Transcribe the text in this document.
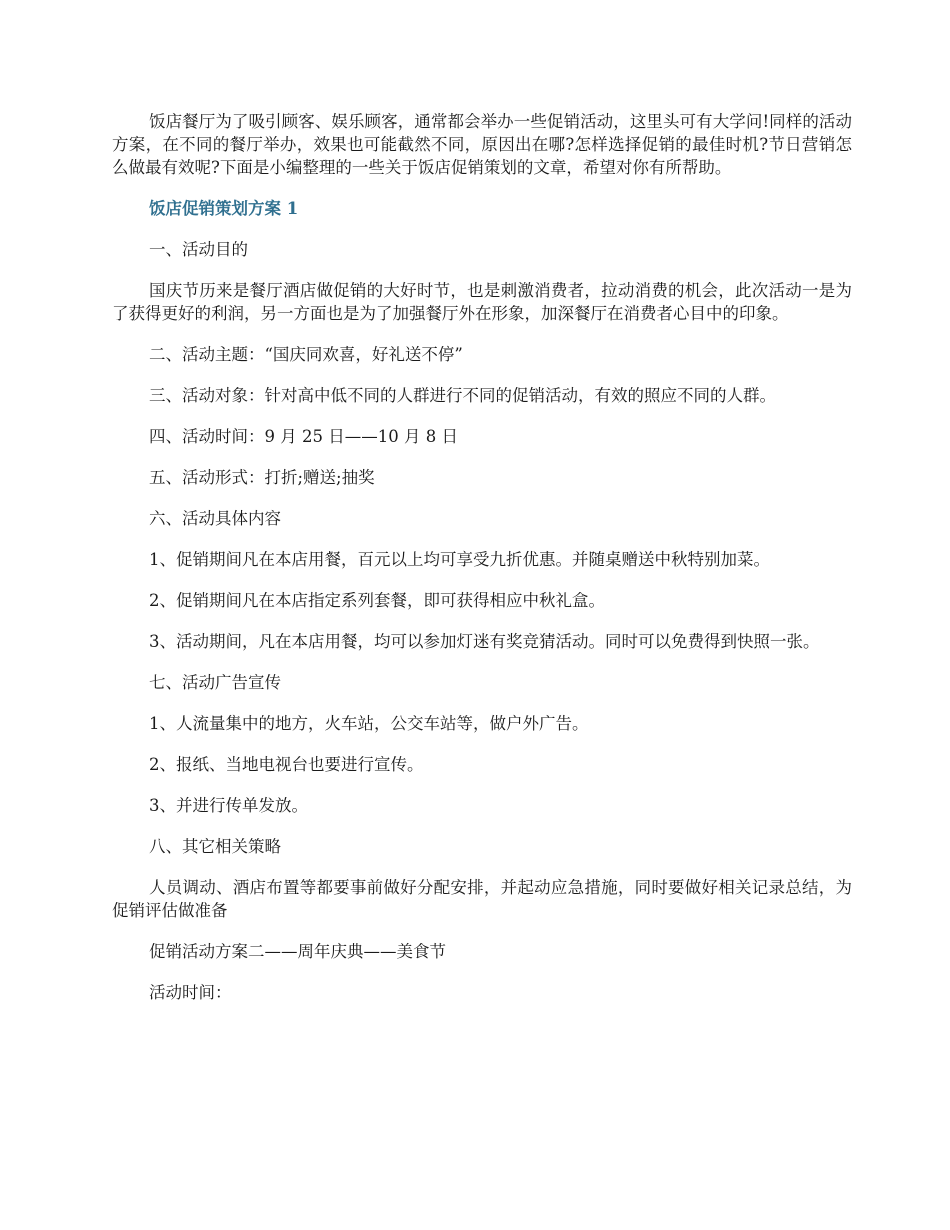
饭店餐厅为了吸引顾客、娱乐顾客，通常都会举办一些促销活动，这里头可有大学问!同样的活动方案，在不同的餐厅举办，效果也可能截然不同，原因出在哪?怎样选择促销的最佳时机?节日营销怎么做最有效呢?下面是小编整理的一些关于饭店促销策划的文章，希望对你有所帮助。

饭店促销策划方案 1

一、活动目的

国庆节历来是餐厅酒店做促销的大好时节，也是刺激消费者，拉动消费的机会，此次活动一是为了获得更好的利润，另一方面也是为了加强餐厅外在形象，加深餐厅在消费者心目中的印象。

二、活动主题：“国庆同欢喜，好礼送不停”

三、活动对象：针对高中低不同的人群进行不同的促销活动，有效的照应不同的人群。

四、活动时间：9 月 25 日——10 月 8 日

五、活动形式：打折;赠送;抽奖

六、活动具体内容

1、促销期间凡在本店用餐，百元以上均可享受九折优惠。并随桌赠送中秋特别加菜。

2、促销期间凡在本店指定系列套餐，即可获得相应中秋礼盒。

3、活动期间，凡在本店用餐，均可以参加灯迷有奖竞猜活动。同时可以免费得到快照一张。

七、活动广告宣传

1、人流量集中的地方，火车站，公交车站等，做户外广告。

2、报纸、当地电视台也要进行宣传。

3、并进行传单发放。

八、其它相关策略

人员调动、酒店布置等都要事前做好分配安排，并起动应急措施，同时要做好相关记录总结，为促销评估做准备

促销活动方案二——周年庆典——美食节

活动时间：
